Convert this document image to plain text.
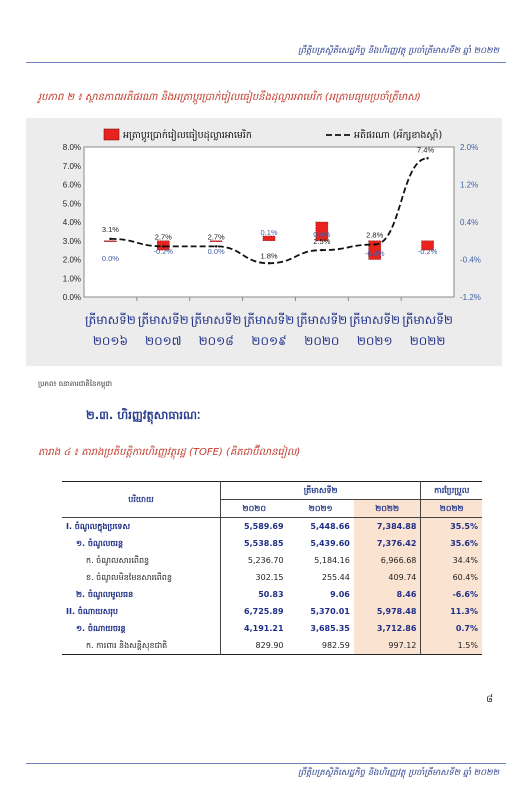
ព្រឹត្តិបត្រស្ថិតិសេដ្ឋកិច្ច និងហិរញ្ញវត្ថុ ប្រចាំត្រីមាសទី២ ឆ្នាំ ២០២២
រូបភាព ២ ៖ ស្ថានភាពអតិផរណា និងអត្រាប្តូរប្រាក់រៀលធៀបនឹងដុល្លារអាមេរិក (អត្រាមធ្យមប្រចាំត្រីមាស)
0.0%
1.0%
2.0%
3.0%
4.0%
5.0%
6.0%
7.0%
8.0%
-1.2%
-0.4%
0.4%
1.2%
2.0%
0.0%
-0.2%	0.0%
0.1%	0.4%
-0.4%	-0.2%
3.1%
2.7%	2.7%
1.8%
2.5%
2.8%
7.4%
ត្រីមាសទី២
២០១៦
ត្រីមាសទី២
២០១៧
ត្រីមាសទី២
២០១៨
ត្រីមាសទី២
២០១៩
ត្រីមាសទី២
២០២០
ត្រីមាសទី២
២០២១
ត្រីមាសទី២
២០២២
អត្រាប្តូរប្រាក់រៀលធៀបដុល្លារអាមេរិក	អតិផរណា (អ័ក្សខាងស្តាំ)
ប្រភព៖ ធនាគារជាតិនៃកម្ពុជា
២.៣. ហិរញ្ញវត្ថុសាធារណៈ
តារាង ៤ ៖ តារាងប្រតិបត្តិការហិរញ្ញវត្ថុរដ្ឋ (TOFE) (គិតជាប៊ីលានរៀល)
បរិយាយ	ត្រីមាសទី២			ការប្រែប្រួល
	២០២០	២០២១	២០២២	២០២២
I. ចំណូលក្នុងប្រទេស	5,589.69	5,448.66	7,384.88	35.5%
១. ចំណូលចរន្ត	5,538.85	5,439.60	7,376.42	35.6%
ក. ចំណូលសារពើពន្ធ	5,236.70	5,184.16	6,966.68	34.4%
ខ. ចំណូលមិនមែនសារពើពន្ធ	302.15	255.44	409.74	60.4%
២. ចំណូលមូលធន	50.83	9.06	8.46	-6.6%
II. ចំណាយសរុប	6,725.89	5,370.01	5,978.48	11.3%
១. ចំណាយចរន្ត	4,191.21	3,685.35	3,712.86	0.7%
ក. ការពារ និងសន្តិសុខជាតិ	829.90	982.59	997.12	1.5%
៨
ព្រឹត្តិបត្រស្ថិតិសេដ្ឋកិច្ច និងហិរញ្ញវត្ថុ ប្រចាំត្រីមាសទី២ ឆ្នាំ ២០២២
